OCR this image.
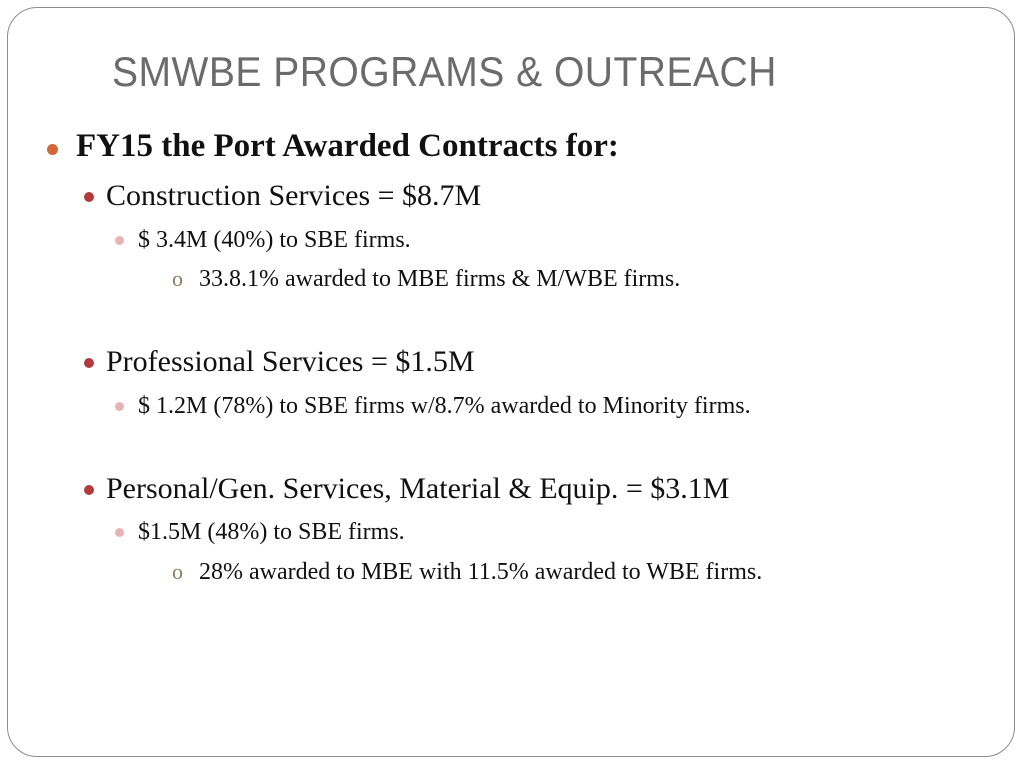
SMWBE PROGRAMS & OUTREACH
FY15 the Port Awarded Contracts for:
Construction Services = $8.7M
$ 3.4M (40%) to SBE firms.
o 33.8.1% awarded to MBE firms & M/WBE firms.
Professional Services = $1.5M
$ 1.2M (78%) to SBE firms w/8.7% awarded to Minority firms.
Personal/Gen. Services, Material & Equip. = $3.1M
$1.5M (48%) to SBE firms.
o 28% awarded to MBE with 11.5% awarded to WBE firms.
